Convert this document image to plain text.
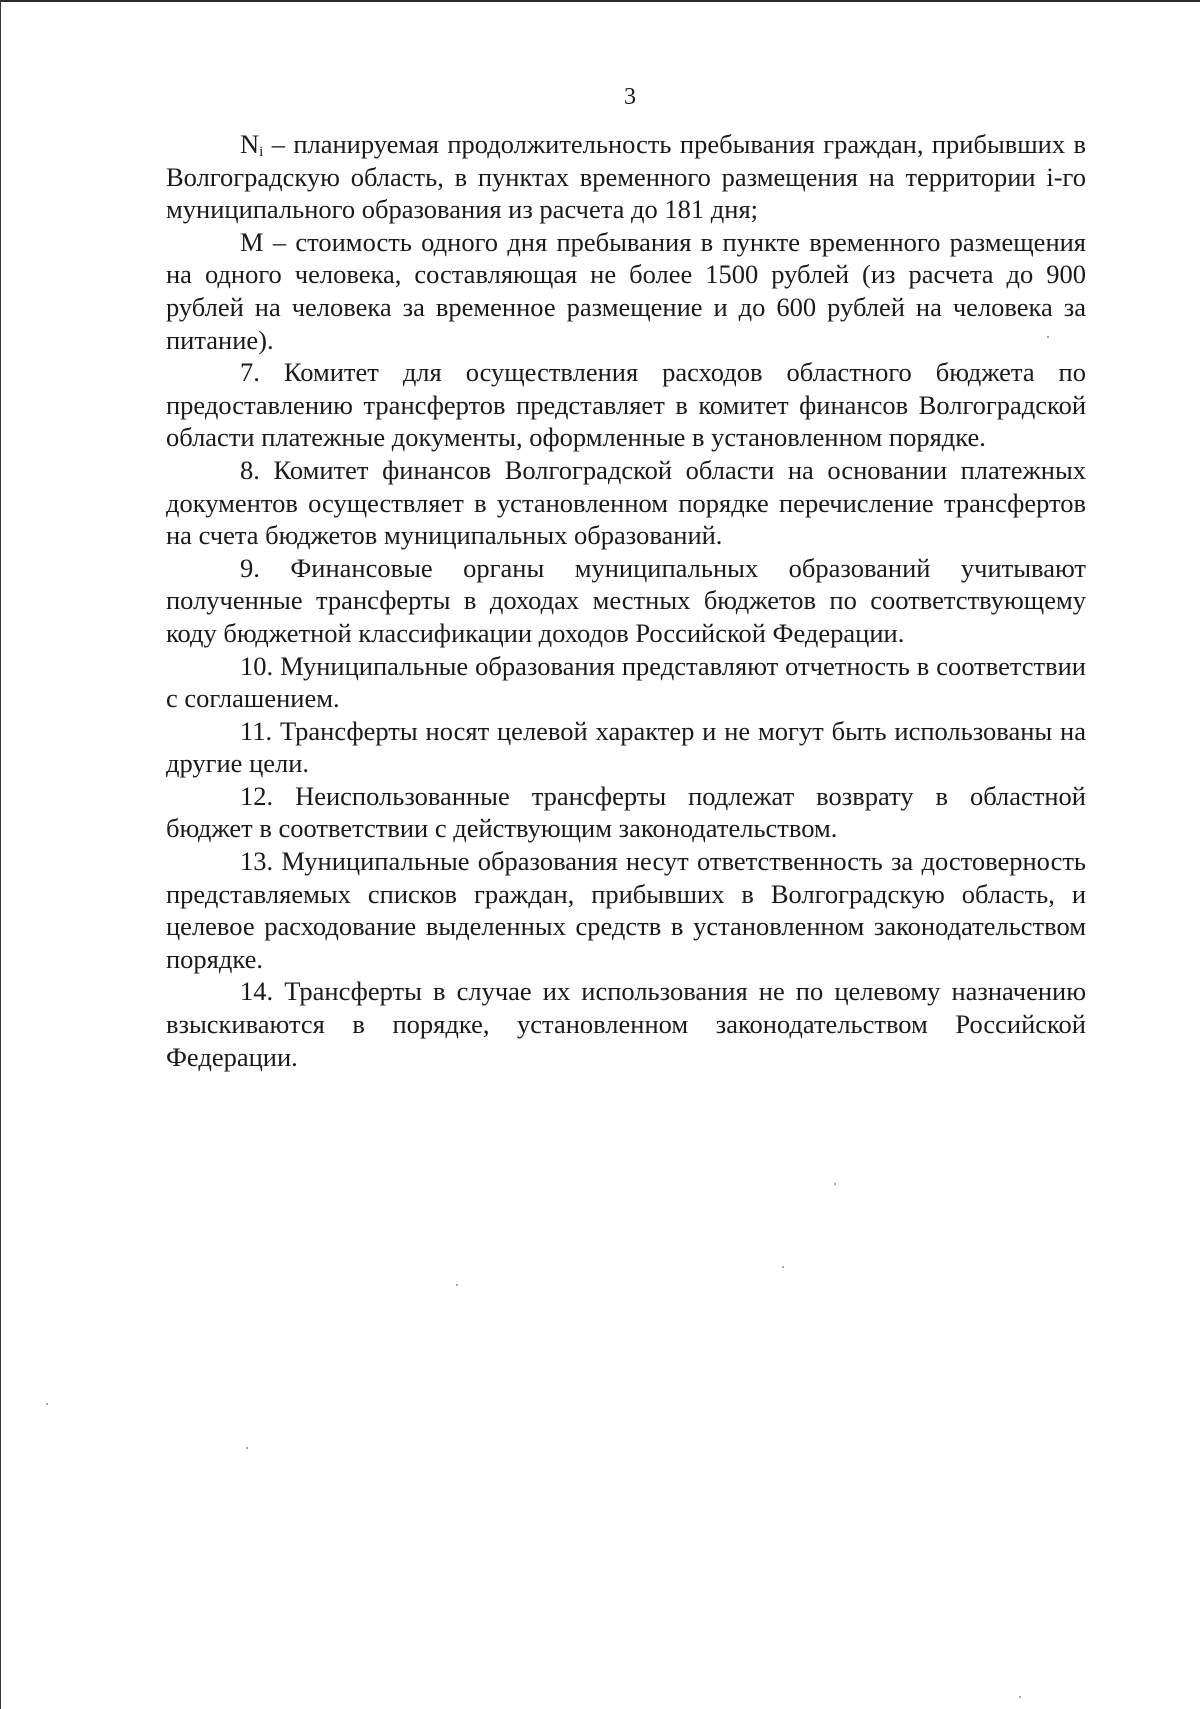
3

$N_i$ – планируемая продолжительность пребывания граждан, прибывших в Волгоградскую область, в пунктах временного размещения на территории i-го муниципального образования из расчета до 181 дня;

М – стоимость одного дня пребывания в пункте временного размещения на одного человека, составляющая не более 1500 рублей (из расчета до 900 рублей на человека за временное размещение и до 600 рублей на человека за питание).

7. Комитет для осуществления расходов областного бюджета по предоставлению трансфертов представляет в комитет финансов Волгоградской области платежные документы, оформленные в установленном порядке.

8. Комитет финансов Волгоградской области на основании платежных документов осуществляет в установленном порядке перечисление трансфертов на счета бюджетов муниципальных образований.

9. Финансовые органы муниципальных образований учитывают полученные трансферты в доходах местных бюджетов по соответствующему коду бюджетной классификации доходов Российской Федерации.

10. Муниципальные образования представляют отчетность в соответствии с соглашением.

11. Трансферты носят целевой характер и не могут быть использованы на другие цели.

12. Неиспользованные трансферты подлежат возврату в областной бюджет в соответствии с действующим законодательством.

13. Муниципальные образования несут ответственность за достоверность представляемых списков граждан, прибывших в Волгоградскую область, и целевое расходование выделенных средств в установленном законодательством порядке.

14. Трансферты в случае их использования не по целевому назначению взыскиваются в порядке, установленном законодательством Российской Федерации.
